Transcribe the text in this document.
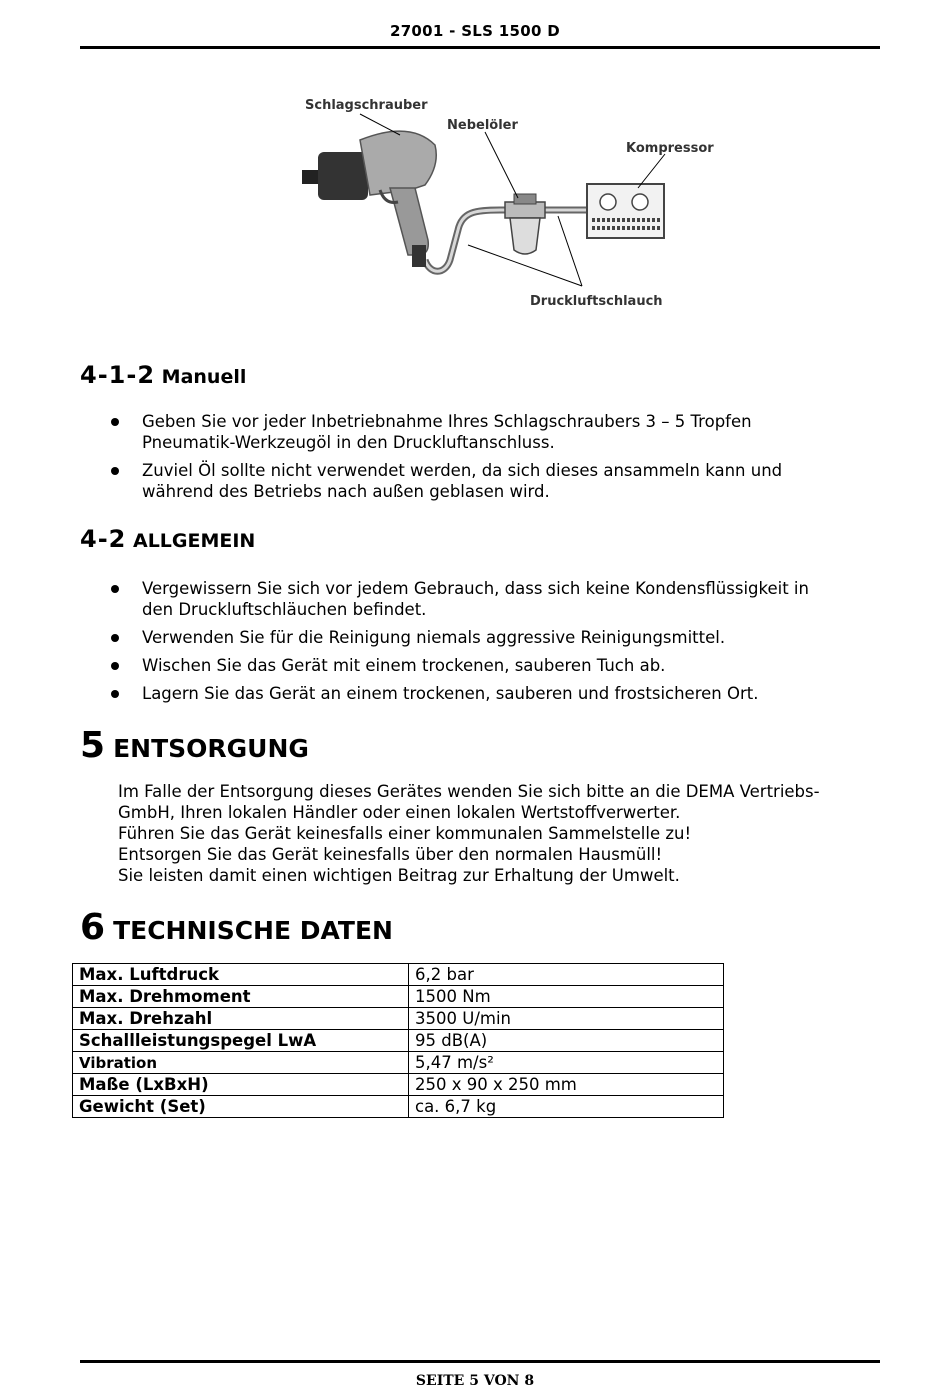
27001 - SLS 1500 D
Schlagschrauber
Nebelöler
Kompressor
Druckluftschlauch
4-1-2 Manuell
Geben Sie vor jeder Inbetriebnahme Ihres Schlagschraubers 3 – 5 Tropfen
Pneumatik-Werkzeugöl in den Druckluftanschluss.
Zuviel Öl sollte nicht verwendet werden, da sich dieses ansammeln kann und
während des Betriebs nach außen geblasen wird.
4-2 ALLGEMEIN
Vergewissern Sie sich vor jedem Gebrauch, dass sich keine Kondensflüssigkeit in
den Druckluftschläuchen befindet.
Verwenden Sie für die Reinigung niemals aggressive Reinigungsmittel.
Wischen Sie das Gerät mit einem trockenen, sauberen Tuch ab.
Lagern Sie das Gerät an einem trockenen, sauberen und frostsicheren Ort.
5 ENTSORGUNG
Im Falle der Entsorgung dieses Gerätes wenden Sie sich bitte an die DEMA Vertriebs-
GmbH, Ihren lokalen Händler oder einen lokalen Wertstoffverwerter.
Führen Sie das Gerät keinesfalls einer kommunalen Sammelstelle zu!
Entsorgen Sie das Gerät keinesfalls über den normalen Hausmüll!
Sie leisten damit einen wichtigen Beitrag zur Erhaltung der Umwelt.
6 TECHNISCHE DATEN
Max. Luftdruck	6,2 bar
Max. Drehmoment	1500 Nm
Max. Drehzahl	3500 U/min
Schallleistungspegel LwA	95 dB(A)
Vibration	5,47 m/s²
Maße (LxBxH)	250 x 90 x 250 mm
Gewicht (Set)	ca. 6,7 kg
SEITE 5 VON 8
